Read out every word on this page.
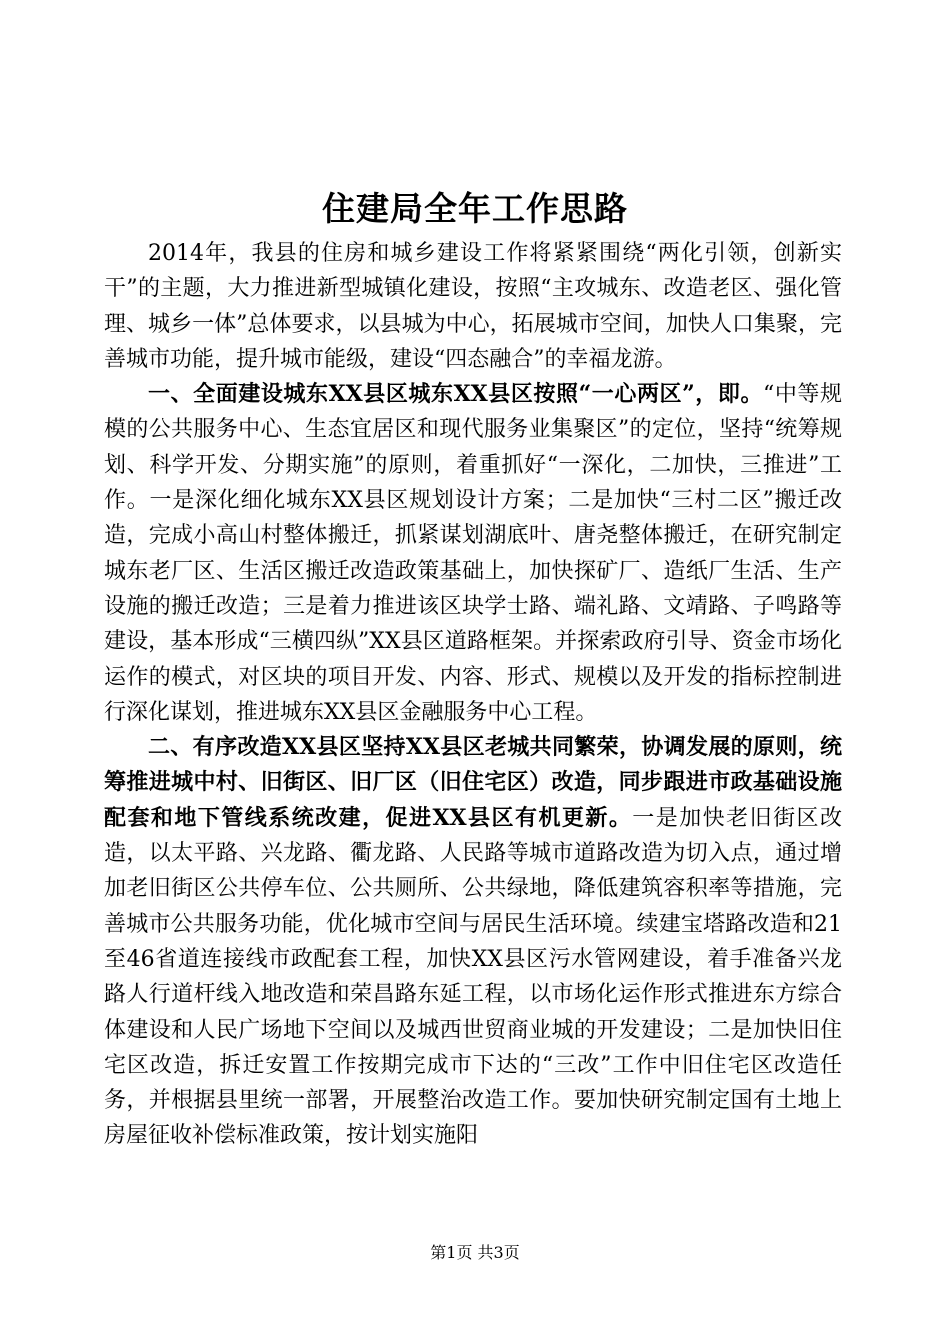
住建局全年工作思路

2014年，我县的住房和城乡建设工作将紧紧围绕“两化引领，创新实干”的主题，大力推进新型城镇化建设，按照“主攻城东、改造老区、强化管理、城乡一体”总体要求，以县城为中心，拓展城市空间，加快人口集聚，完善城市功能，提升城市能级，建设“四态融合”的幸福龙游。

一、全面建设城东XX县区城东XX县区按照“一心两区”，即。“中等规模的公共服务中心、生态宜居区和现代服务业集聚区”的定位，坚持“统筹规划、科学开发、分期实施”的原则，着重抓好“一深化，二加快，三推进”工作。一是深化细化城东XX县区规划设计方案；二是加快“三村二区”搬迁改造，完成小高山村整体搬迁，抓紧谋划湖底叶、唐尧整体搬迁，在研究制定城东老厂区、生活区搬迁改造政策基础上，加快探矿厂、造纸厂生活、生产设施的搬迁改造；三是着力推进该区块学士路、端礼路、文靖路、子鸣路等建设，基本形成“三横四纵”XX县区道路框架。并探索政府引导、资金市场化运作的模式，对区块的项目开发、内容、形式、规模以及开发的指标控制进行深化谋划，推进城东XX县区金融服务中心工程。

二、有序改造XX县区坚持XX县区老城共同繁荣，协调发展的原则，统筹推进城中村、旧街区、旧厂区（旧住宅区）改造，同步跟进市政基础设施配套和地下管线系统改建，促进XX县区有机更新。一是加快老旧街区改造，以太平路、兴龙路、衢龙路、人民路等城市道路改造为切入点，通过增加老旧街区公共停车位、公共厕所、公共绿地，降低建筑容积率等措施，完善城市公共服务功能，优化城市空间与居民生活环境。续建宝塔路改造和21至46省道连接线市政配套工程，加快XX县区污水管网建设，着手准备兴龙路人行道杆线入地改造和荣昌路东延工程，以市场化运作形式推进东方综合体建设和人民广场地下空间以及城西世贸商业城的开发建设；二是加快旧住宅区改造，拆迁安置工作按期完成市下达的“三改”工作中旧住宅区改造任务，并根据县里统一部署，开展整治改造工作。要加快研究制定国有土地上房屋征收补偿标准政策，按计划实施阳

第1页 共3页
